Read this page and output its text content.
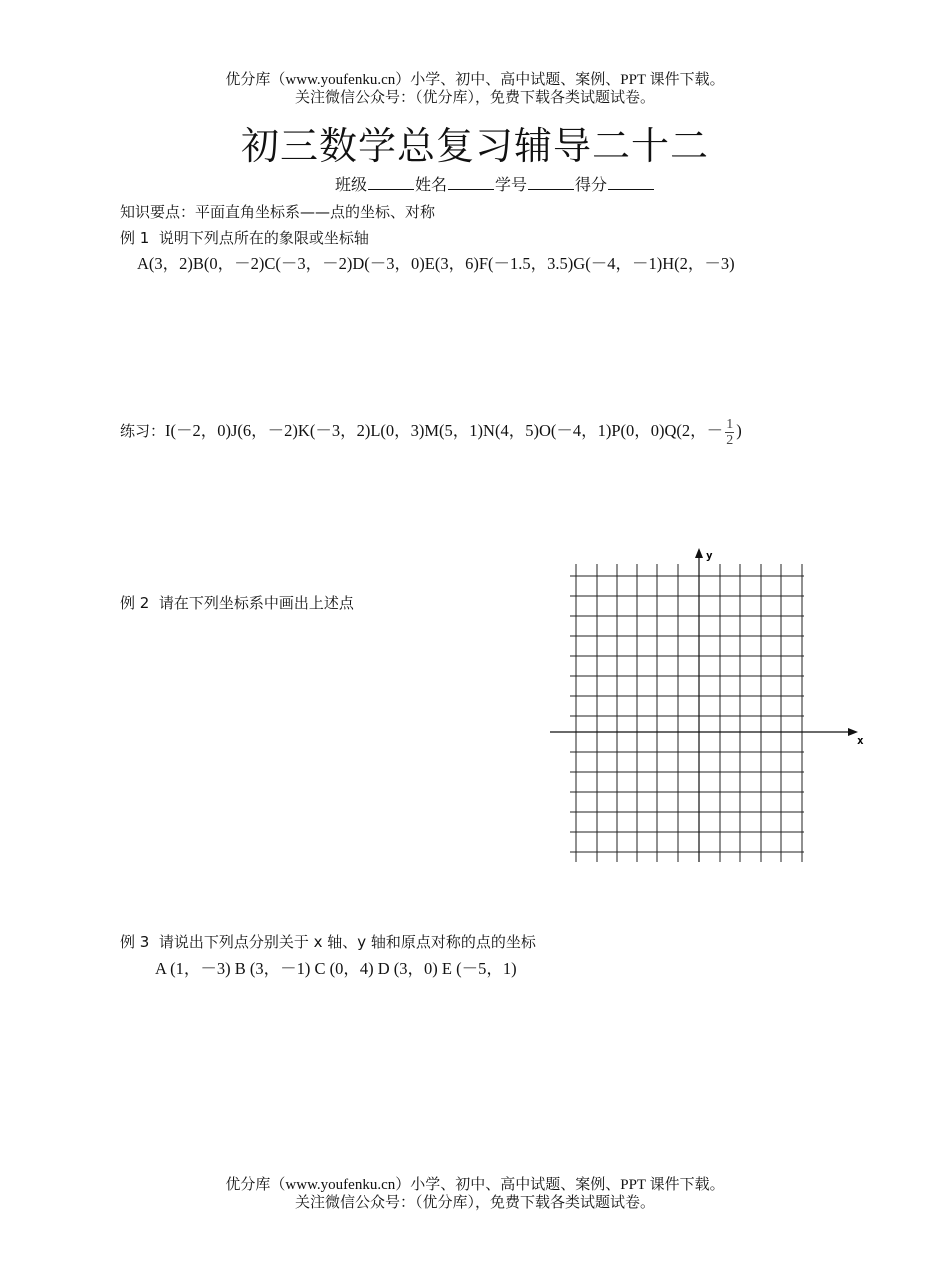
优分库（www.youfenku.cn）小学、初中、高中试题、案例、PPT 课件下载。
关注微信公众号：（优分库），免费下载各类试题试卷。
初三数学总复习辅导二十二
班级	姓名	学号	得分
知识要点：平面直角坐标系——点的坐标、对称
例 1 说明下列点所在的象限或坐标轴
A(3，2)B(0，－2)C(－3，－2)D(－3，0)E(3，6)F(－1.5，3.5)G(－4，－1)H(2，－3)
练习：I(－2，0)J(6，－2)K(－3，2)L(0，3)M(5，1)N(4，5)O(－4，1)P(0，0)Q(2，－ $\frac{1}{2}$ )
例 2 请在下列坐标系中画出上述点
x
y
例 3 请说出下列点分别关于 x 轴、y 轴和原点对称的点的坐标
A (1，－3) B (3，－1) C (0，4) D (3，0) E (－5，1)
优分库（www.youfenku.cn）小学、初中、高中试题、案例、PPT 课件下载。
关注微信公众号：（优分库），免费下载各类试题试卷。
